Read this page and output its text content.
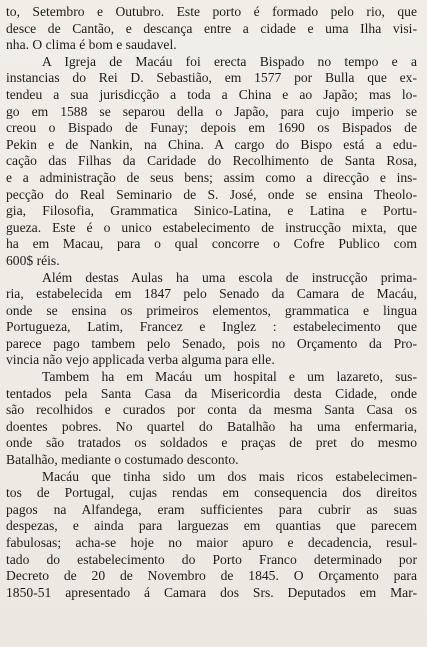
to, Setembro e Outubro. Este porto é formado pelo rio, que
desce de Cantão, e descança entre a cidade e uma Ilha visi-
nha. O clima é bom e saudavel.
A Igreja de Macáu foi erecta Bispado no tempo e a
instancias do Rei D. Sebastião, em 1577 por Bulla que ex-
tendeu a sua jurisdicção a toda a China e ao Japão; mas lo-
go em 1588 se separou della o Japão, para cujo imperio se
creou o Bispado de Funay; depois em 1690 os Bispados de
Pekin e de Nankin, na China. A cargo do Bispo está a edu-
cação das Filhas da Caridade do Recolhimento de Santa Rosa,
e a administração de seus bens; assim como a direcção e ins-
pecção do Real Seminario de S. José, onde se ensina Theolo-
gia, Filosofia, Grammatica Sinico-Latina, e Latina e Portu-
gueza. Este é o unico estabelecimento de instrucção mixta, que
ha em Macau, para o qual concorre o Cofre Publico com
600$ réis.
Além destas Aulas ha uma escola de instrucção prima-
ria, estabelecida em 1847 pelo Senado da Camara de Macáu,
onde se ensina os primeiros elementos, grammatica e lingua
Portugueza, Latim, Francez e Inglez : estabelecimento que
parece pago tambem pelo Senado, pois no Orçamento da Pro-
vincia não vejo applicada verba alguma para elle.
Tambem ha em Macáu um hospital e um lazareto, sus-
tentados pela Santa Casa da Misericordia desta Cidade, onde
são recolhidos e curados por conta da mesma Santa Casa os
doentes pobres. No quartel do Batalhão ha uma enfermaria,
onde são tratados os soldados e praças de pret do mesmo
Batalhão, mediante o costumado desconto.
Macáu que tinha sido um dos mais ricos estabelecimen-
tos de Portugal, cujas rendas em consequencia dos direitos
pagos na Alfandega, eram sufficientes para cubrir as suas
despezas, e ainda para larguezas em quantias que parecem
fabulosas; acha-se hoje no maior apuro e decadencia, resul-
tado do estabelecimento do Porto Franco determinado por
Decreto de 20 de Novembro de 1845. O Orçamento para
1850-51 apresentado á Camara dos Srs. Deputados em Mar-
